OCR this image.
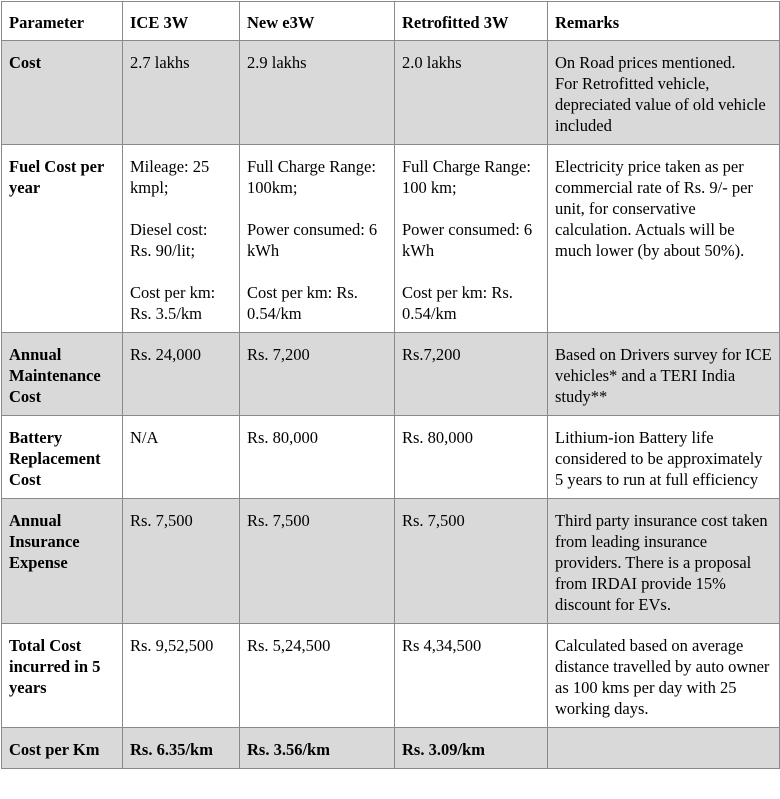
Parameter	ICE 3W	New e3W	Retrofitted 3W	Remarks
Cost	2.7 lakhs	2.9 lakhs	2.0 lakhs	On Road prices mentioned.
For Retrofitted vehicle, depreciated value of old vehicle included
Fuel Cost per year	Mileage: 25 kmpl;

Diesel cost: Rs. 90/lit;

Cost per km: Rs. 3.5/km	Full Charge Range: 100km;

Power consumed: 6 kWh

Cost per km: Rs. 0.54/km	Full Charge Range: 100 km;

Power consumed: 6 kWh

Cost per km: Rs. 0.54/km	Electricity price taken as per commercial rate of Rs. 9/- per unit, for conservative calculation. Actuals will be much lower (by about 50%).
Annual Maintenance Cost	Rs. 24,000	Rs. 7,200	Rs.7,200	Based on Drivers survey for ICE vehicles* and a TERI India study**
Battery Replacement Cost	N/A	Rs. 80,000	Rs. 80,000	Lithium-ion Battery life considered to be approximately 5 years to run at full efficiency
Annual Insurance Expense	Rs. 7,500	Rs. 7,500	Rs. 7,500	Third party insurance cost taken from leading insurance providers. There is a proposal from IRDAI provide 15% discount for EVs.
Total Cost incurred in 5 years	Rs. 9,52,500	Rs. 5,24,500	Rs 4,34,500	Calculated based on average distance travelled by auto owner as 100 kms per day with 25 working days.
Cost per Km	Rs. 6.35/km	Rs. 3.56/km	Rs. 3.09/km	
